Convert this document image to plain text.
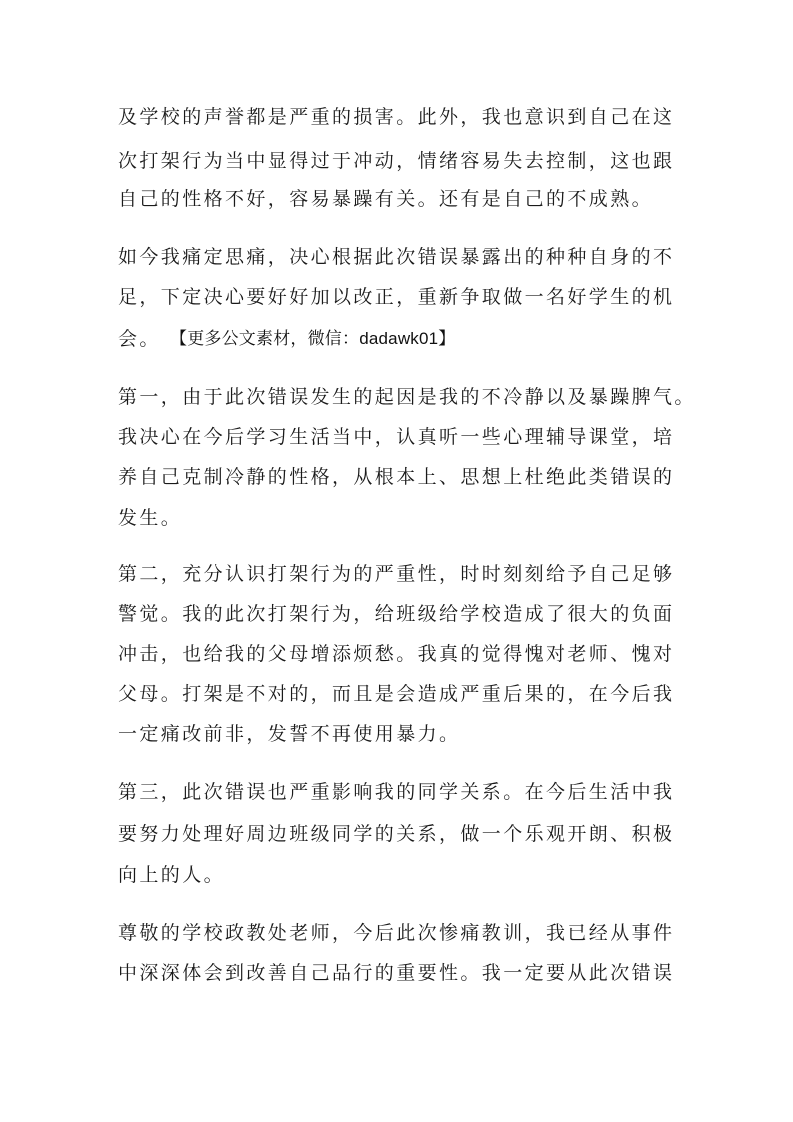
及学校的声誉都是严重的损害。此外，我也意识到自己在这
次打架行为当中显得过于冲动，情绪容易失去控制，这也跟
自己的性格不好，容易暴躁有关。还有是自己的不成熟。
如今我痛定思痛，决心根据此次错误暴露出的种种自身的不
足，下定决心要好好加以改正，重新争取做一名好学生的机
会。 【更多公文素材，微信：dadawk01】
第一，由于此次错误发生的起因是我的不冷静以及暴躁脾气。
我决心在今后学习生活当中，认真听一些心理辅导课堂，培
养自己克制冷静的性格，从根本上、思想上杜绝此类错误的
发生。
第二，充分认识打架行为的严重性，时时刻刻给予自己足够
警觉。我的此次打架行为，给班级给学校造成了很大的负面
冲击，也给我的父母增添烦愁。我真的觉得愧对老师、愧对
父母。打架是不对的，而且是会造成严重后果的，在今后我
一定痛改前非，发誓不再使用暴力。
第三，此次错误也严重影响我的同学关系。在今后生活中我
要努力处理好周边班级同学的关系，做一个乐观开朗、积极
向上的人。
尊敬的学校政教处老师，今后此次惨痛教训，我已经从事件
中深深体会到改善自己品行的重要性。我一定要从此次错误
